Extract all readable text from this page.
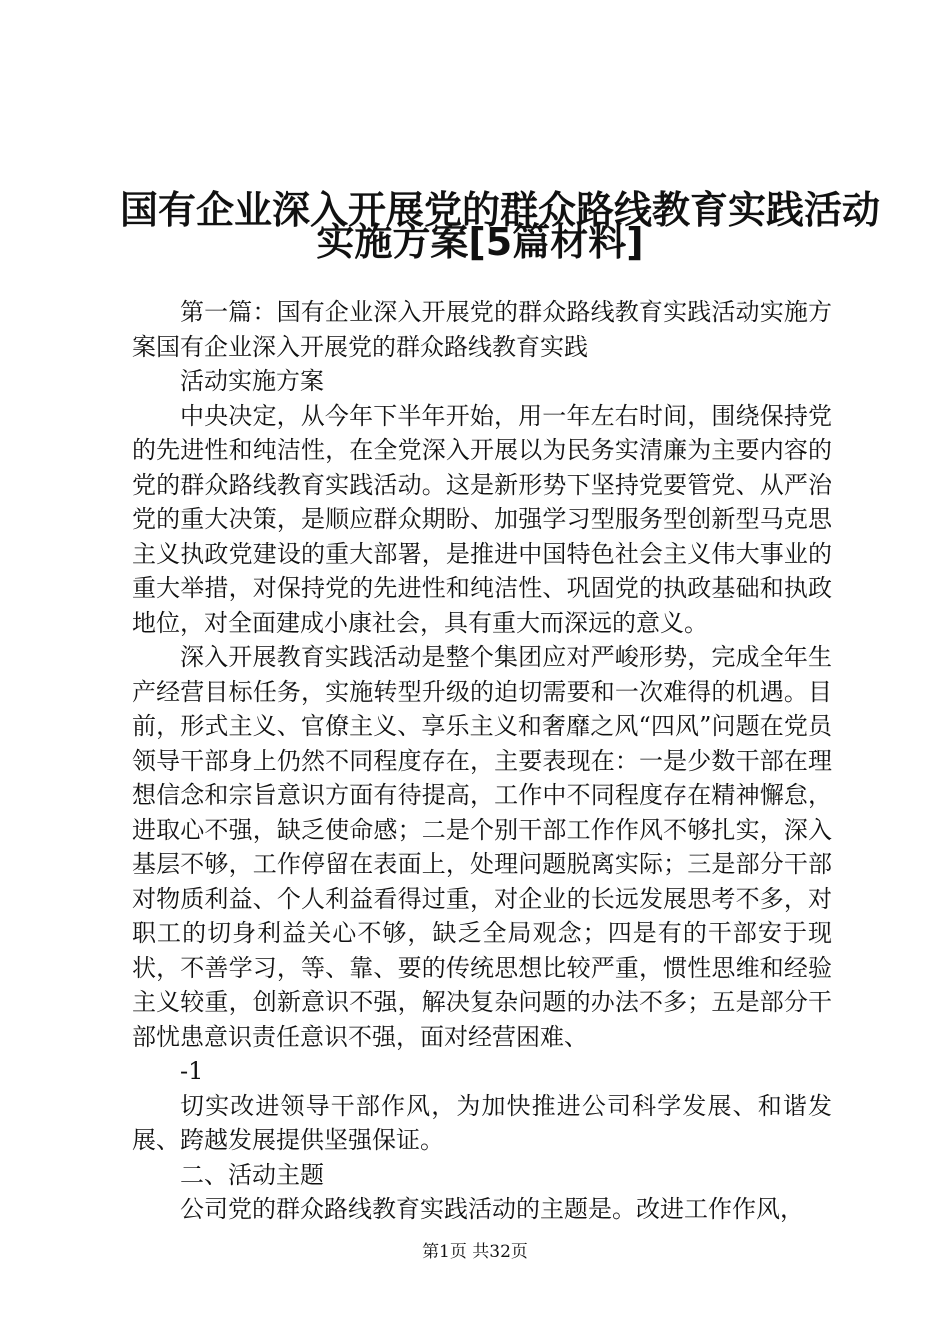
国有企业深入开展党的群众路线教育实践活动
实施方案[5篇材料]

第一篇：国有企业深入开展党的群众路线教育实践活动实施方案国有企业深入开展党的群众路线教育实践

活动实施方案

中央决定，从今年下半年开始，用一年左右时间，围绕保持党的先进性和纯洁性，在全党深入开展以为民务实清廉为主要内容的党的群众路线教育实践活动。这是新形势下坚持党要管党、从严治党的重大决策，是顺应群众期盼、加强学习型服务型创新型马克思主义执政党建设的重大部署，是推进中国特色社会主义伟大事业的重大举措，对保持党的先进性和纯洁性、巩固党的执政基础和执政地位，对全面建成小康社会，具有重大而深远的意义。

深入开展教育实践活动是整个集团应对严峻形势，完成全年生产经营目标任务，实施转型升级的迫切需要和一次难得的机遇。目前，形式主义、官僚主义、享乐主义和奢靡之风“四风”问题在党员领导干部身上仍然不同程度存在，主要表现在：一是少数干部在理想信念和宗旨意识方面有待提高，工作中不同程度存在精神懈怠，进取心不强，缺乏使命感；二是个别干部工作作风不够扎实，深入基层不够，工作停留在表面上，处理问题脱离实际；三是部分干部对物质利益、个人利益看得过重，对企业的长远发展思考不多，对职工的切身利益关心不够，缺乏全局观念；四是有的干部安于现状，不善学习，等、靠、要的传统思想比较严重，惯性思维和经验主义较重，创新意识不强，解决复杂问题的办法不多；五是部分干部忧患意识责任意识不强，面对经营困难、

-1

切实改进领导干部作风，为加快推进公司科学发展、和谐发展、跨越发展提供坚强保证。

二、活动主题

公司党的群众路线教育实践活动的主题是。改进工作作风，

第1页 共32页
